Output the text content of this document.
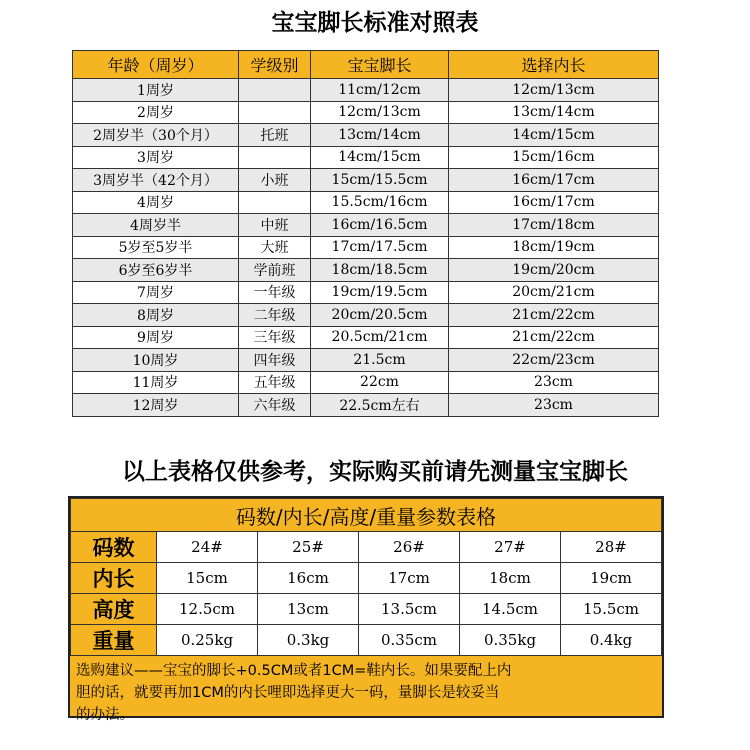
宝宝脚长标准对照表
年龄（周岁）	学级别	宝宝脚长	选择内长
1周岁		11cm/12cm	12cm/13cm
2周岁		12cm/13cm	13cm/14cm
2周岁半（30个月）	托班	13cm/14cm	14cm/15cm
3周岁		14cm/15cm	15cm/16cm
3周岁半（42个月）	小班	15cm/15.5cm	16cm/17cm
4周岁		15.5cm/16cm	16cm/17cm
4周岁半	中班	16cm/16.5cm	17cm/18cm
5岁至5岁半	大班	17cm/17.5cm	18cm/19cm
6岁至6岁半	学前班	18cm/18.5cm	19cm/20cm
7周岁	一年级	19cm/19.5cm	20cm/21cm
8周岁	二年级	20cm/20.5cm	21cm/22cm
9周岁	三年级	20.5cm/21cm	21cm/22cm
10周岁	四年级	21.5cm	22cm/23cm
11周岁	五年级	22cm	23cm
12周岁	六年级	22.5cm左右	23cm
以上表格仅供参考，实际购买前请先测量宝宝脚长
码数/内长/高度/重量参数表格					
码数	24#	25#	26#	27#	28#
内长	15cm	16cm	17cm	18cm	19cm
高度	12.5cm	13cm	13.5cm	14.5cm	15.5cm
重量	0.25kg	0.3kg	0.35cm	0.35kg	0.4kg
选购建议——宝宝的脚长+0.5CM或者1CM=鞋内长。如果要配上内
胆的话，就要再加1CM的内长哩即选择更大一码，量脚长是较妥当
的办法。
